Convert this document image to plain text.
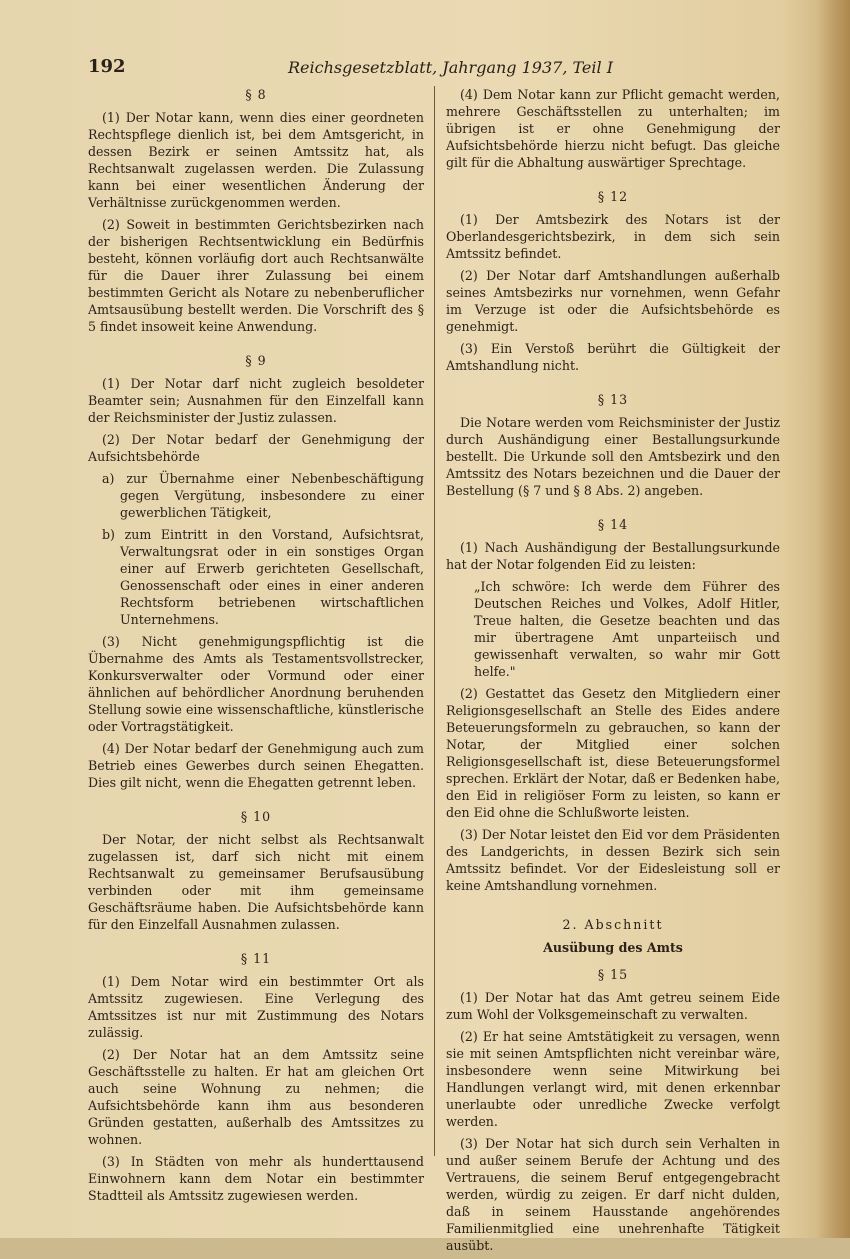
192	Reichsgesetzblatt, Jahrgang 1937, Teil I
§ 8

(1) Der Notar kann, wenn dies einer geordneten Rechtspflege dienlich ist, bei dem Amtsgericht, in dessen Bezirk er seinen Amtssitz hat, als Rechtsanwalt zugelassen werden. Die Zulassung kann bei einer wesentlichen Änderung der Verhältnisse zurückgenommen werden.

(2) Soweit in bestimmten Gerichtsbezirken nach der bisherigen Rechtsentwicklung ein Bedürfnis besteht, können vorläufig dort auch Rechtsanwälte für die Dauer ihrer Zulassung bei einem bestimmten Gericht als Notare zu nebenberuflicher Amtsausübung bestellt werden. Die Vorschrift des § 5 findet insoweit keine Anwendung.

§ 9

(1) Der Notar darf nicht zugleich besoldeter Beamter sein; Ausnahmen für den Einzelfall kann der Reichsminister der Justiz zulassen.

(2) Der Notar bedarf der Genehmigung der Aufsichtsbehörde

a) zur Übernahme einer Nebenbeschäftigung gegen Vergütung, insbesondere zu einer gewerblichen Tätigkeit,
b) zum Eintritt in den Vorstand, Aufsichtsrat, Verwaltungsrat oder in ein sonstiges Organ einer auf Erwerb gerichteten Gesellschaft, Genossenschaft oder eines in einer anderen Rechtsform betriebenen wirtschaftlichen Unternehmens.

(3) Nicht genehmigungspflichtig ist die Übernahme des Amts als Testamentsvollstrecker, Konkursverwalter oder Vormund oder einer ähnlichen auf behördlicher Anordnung beruhenden Stellung sowie eine wissenschaftliche, künstlerische oder Vortragstätigkeit.

(4) Der Notar bedarf der Genehmigung auch zum Betrieb eines Gewerbes durch seinen Ehegatten. Dies gilt nicht, wenn die Ehegatten getrennt leben.

§ 10

Der Notar, der nicht selbst als Rechtsanwalt zugelassen ist, darf sich nicht mit einem Rechtsanwalt zu gemeinsamer Berufsausübung verbinden oder mit ihm gemeinsame Geschäftsräume haben. Die Aufsichtsbehörde kann für den Einzelfall Ausnahmen zulassen.

§ 11

(1) Dem Notar wird ein bestimmter Ort als Amtssitz zugewiesen. Eine Verlegung des Amtssitzes ist nur mit Zustimmung des Notars zulässig.

(2) Der Notar hat an dem Amtssitz seine Geschäftsstelle zu halten. Er hat am gleichen Ort auch seine Wohnung zu nehmen; die Aufsichtsbehörde kann ihm aus besonderen Gründen gestatten, außerhalb des Amtssitzes zu wohnen.

(3) In Städten von mehr als hunderttausend Einwohnern kann dem Notar ein bestimmter Stadtteil als Amtssitz zugewiesen werden.

(4) Dem Notar kann zur Pflicht gemacht werden, mehrere Geschäftsstellen zu unterhalten; im übrigen ist er ohne Genehmigung der Aufsichtsbehörde hierzu nicht befugt. Das gleiche gilt für die Abhaltung auswärtiger Sprechtage.

§ 12

(1) Der Amtsbezirk des Notars ist der Oberlandesgerichtsbezirk, in dem sich sein Amtssitz befindet.

(2) Der Notar darf Amtshandlungen außerhalb seines Amtsbezirks nur vornehmen, wenn Gefahr im Verzuge ist oder die Aufsichtsbehörde es genehmigt.

(3) Ein Verstoß berührt die Gültigkeit der Amtshandlung nicht.

§ 13

Die Notare werden vom Reichsminister der Justiz durch Aushändigung einer Bestallungsurkunde bestellt. Die Urkunde soll den Amtsbezirk und den Amtssitz des Notars bezeichnen und die Dauer der Bestellung (§ 7 und § 8 Abs. 2) angeben.

§ 14

(1) Nach Aushändigung der Bestallungsurkunde hat der Notar folgenden Eid zu leisten:

„Ich schwöre: Ich werde dem Führer des Deutschen Reiches und Volkes, Adolf Hitler, Treue halten, die Gesetze beachten und das mir übertragene Amt unparteiisch und gewissenhaft verwalten, so wahr mir Gott helfe."

(2) Gestattet das Gesetz den Mitgliedern einer Religionsgesellschaft an Stelle des Eides andere Beteuerungsformeln zu gebrauchen, so kann der Notar, der Mitglied einer solchen Religionsgesellschaft ist, diese Beteuerungsformel sprechen. Erklärt der Notar, daß er Bedenken habe, den Eid in religiöser Form zu leisten, so kann er den Eid ohne die Schlußworte leisten.

(3) Der Notar leistet den Eid vor dem Präsidenten des Landgerichts, in dessen Bezirk sich sein Amtssitz befindet. Vor der Eidesleistung soll er keine Amtshandlung vornehmen.

2. Abschnitt
Ausübung des Amts
§ 15

(1) Der Notar hat das Amt getreu seinem Eide zum Wohl der Volksgemeinschaft zu verwalten.

(2) Er hat seine Amtstätigkeit zu versagen, wenn sie mit seinen Amtspflichten nicht vereinbar wäre, insbesondere wenn seine Mitwirkung bei Handlungen verlangt wird, mit denen erkennbar unerlaubte oder unredliche Zwecke verfolgt werden.

(3) Der Notar hat sich durch sein Verhalten in und außer seinem Berufe der Achtung und des Vertrauens, die seinem Beruf entgegengebracht werden, würdig zu zeigen. Er darf nicht dulden, daß in seinem Hausstande angehörendes Familienmitglied eine unehrenhafte Tätigkeit ausübt.
